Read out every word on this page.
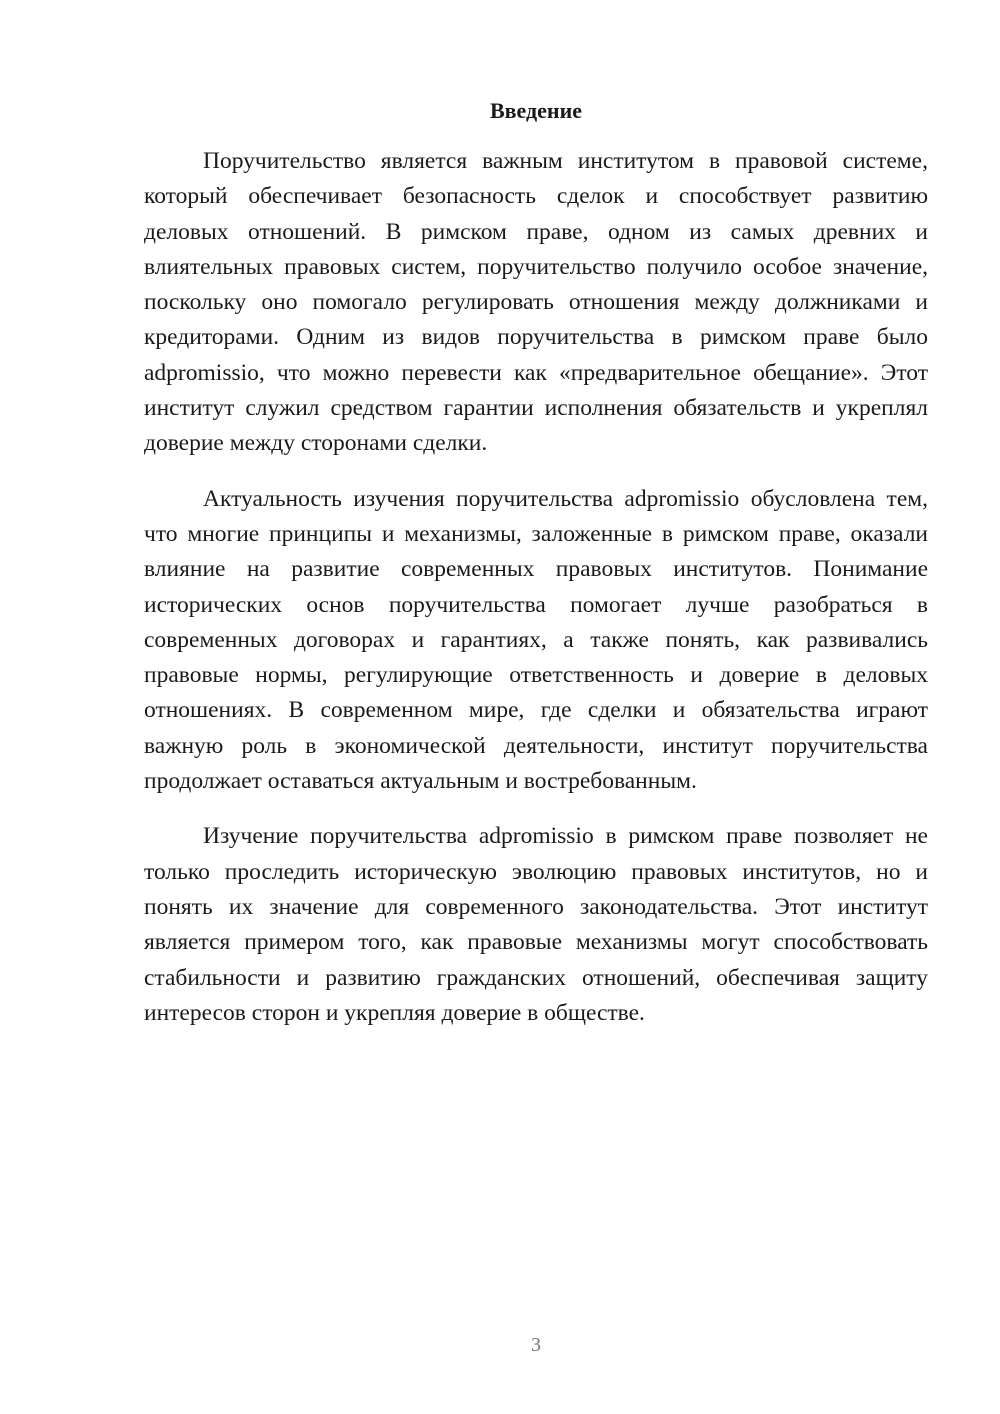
Введение

Поручительство является важным институтом в правовой системе, который обеспечивает безопасность сделок и способствует развитию деловых отношений. В римском праве, одном из самых древних и влиятельных правовых систем, поручительство получило особое значение, поскольку оно помогало регулировать отношения между должниками и кредиторами. Одним из видов поручительства в римском праве было adpromissio, что можно перевести как «предварительное обещание». Этот институт служил средством гарантии исполнения обязательств и укреплял доверие между сторонами сделки.

Актуальность изучения поручительства adpromissio обусловлена тем, что многие принципы и механизмы, заложенные в римском праве, оказали влияние на развитие современных правовых институтов. Понимание исторических основ поручительства помогает лучше разобраться в современных договорах и гарантиях, а также понять, как развивались правовые нормы, регулирующие ответственность и доверие в деловых отношениях. В современном мире, где сделки и обязательства играют важную роль в экономической деятельности, институт поручительства продолжает оставаться актуальным и востребованным.

Изучение поручительства adpromissio в римском праве позволяет не только проследить историческую эволюцию правовых институтов, но и понять их значение для современного законодательства. Этот институт является примером того, как правовые механизмы могут способствовать стабильности и развитию гражданских отношений, обеспечивая защиту интересов сторон и укрепляя доверие в обществе.

3
